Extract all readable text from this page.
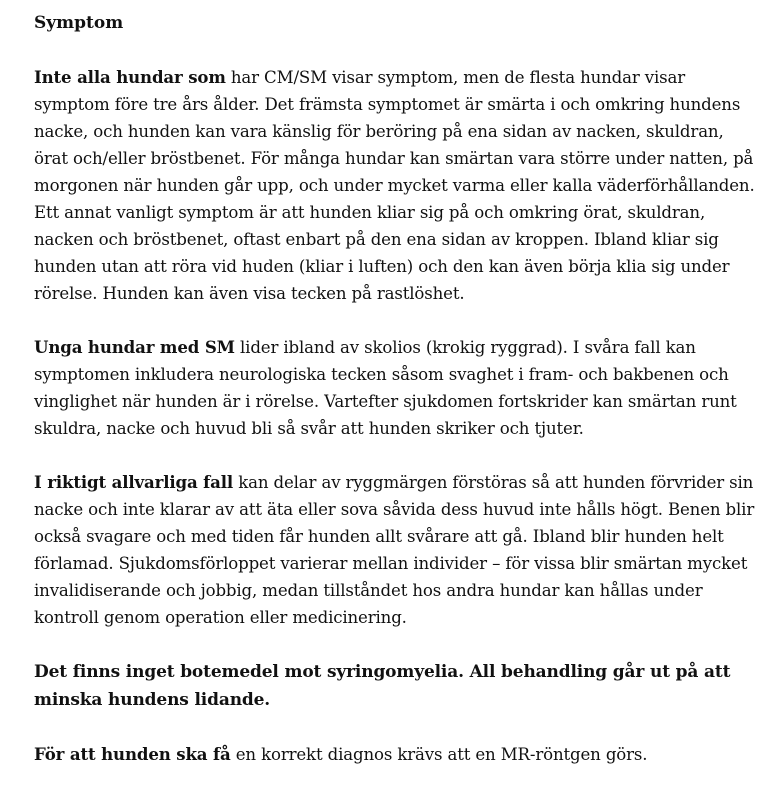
Symptom

Inte alla hundar som har CM/SM visar symptom, men de flesta hundar visar symptom före tre års ålder. Det främsta symptomet är smärta i och omkring hundens nacke, och hunden kan vara känslig för beröring på ena sidan av nacken, skuldran, örat och/eller bröstbenet. För många hundar kan smärtan vara större under natten, på morgonen när hunden går upp, och under mycket varma eller kalla väderförhållanden. Ett annat vanligt symptom är att hunden kliar sig på och omkring örat, skuldran, nacken och bröstbenet, oftast enbart på den ena sidan av kroppen. Ibland kliar sig hunden utan att röra vid huden (kliar i luften) och den kan även börja klia sig under rörelse. Hunden kan även visa tecken på rastlöshet.

Unga hundar med SM lider ibland av skolios (krokig ryggrad). I svåra fall kan symptomen inkludera neurologiska tecken såsom svaghet i fram- och bakbenen och vinglighet när hunden är i rörelse. Vartefter sjukdomen fortskrider kan smärtan runt skuldra, nacke och huvud bli så svår att hunden skriker och tjuter.

I riktigt allvarliga fall kan delar av ryggmärgen förstöras så att hunden förvrider sin nacke och inte klarar av att äta eller sova såvida dess huvud inte hålls högt. Benen blir också svagare och med tiden får hunden allt svårare att gå. Ibland blir hunden helt förlamad. Sjukdomsförloppet varierar mellan individer – för vissa blir smärtan mycket invalidiserande och jobbig, medan tillståndet hos andra hundar kan hållas under kontroll genom operation eller medicinering.

Det finns inget botemedel mot syringomyelia. All behandling går ut på att minska hundens lidande.

För att hunden ska få en korrekt diagnos krävs att en MR-röntgen görs.
